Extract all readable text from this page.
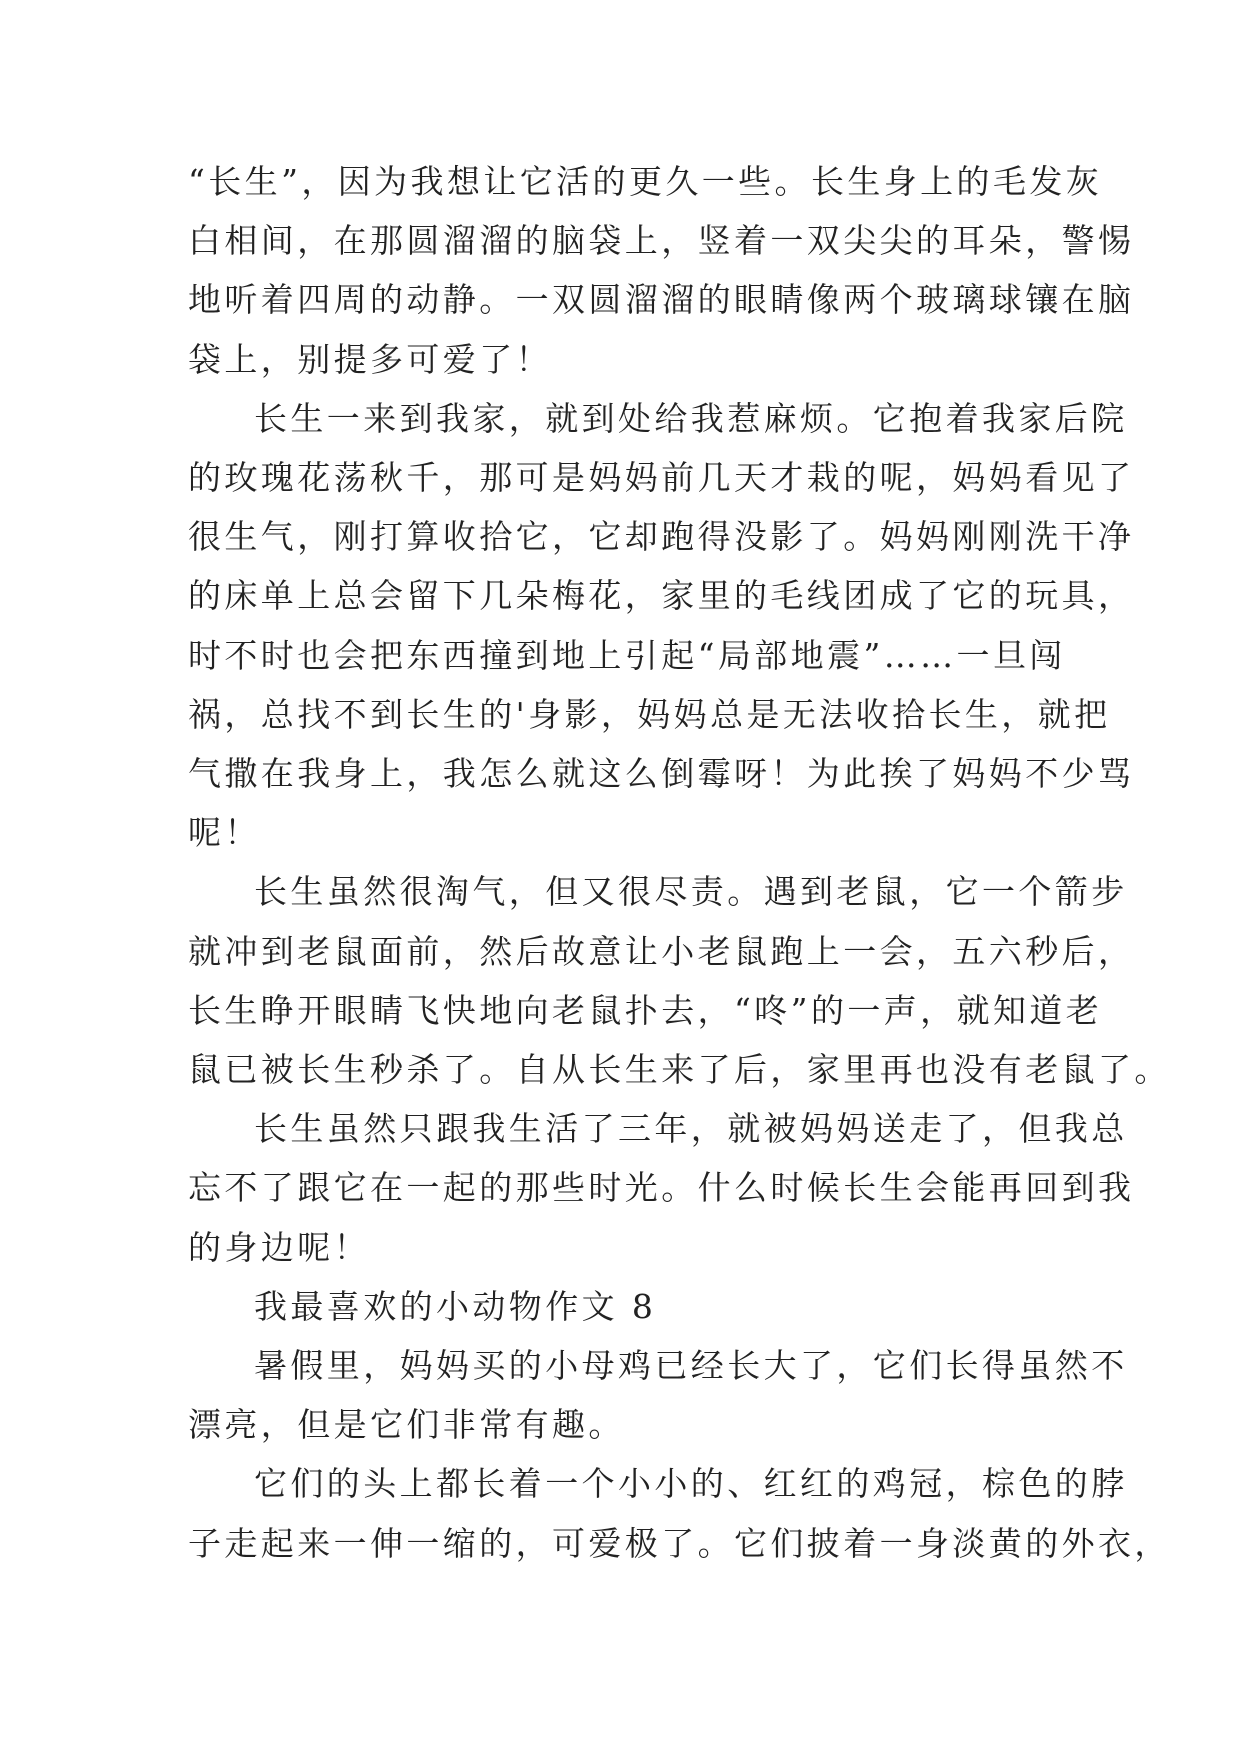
“长生”，因为我想让它活的更久一些。长生身上的毛发灰
白相间，在那圆溜溜的脑袋上，竖着一双尖尖的耳朵，警惕
地听着四周的动静。一双圆溜溜的眼睛像两个玻璃球镶在脑
袋上，别提多可爱了！

长生一来到我家，就到处给我惹麻烦。它抱着我家后院
的玫瑰花荡秋千，那可是妈妈前几天才栽的呢，妈妈看见了
很生气，刚打算收拾它，它却跑得没影了。妈妈刚刚洗干净
的床单上总会留下几朵梅花，家里的毛线团成了它的玩具，
时不时也会把东西撞到地上引起“局部地震”……一旦闯
祸，总找不到长生的'身影，妈妈总是无法收拾长生，就把
气撒在我身上，我怎么就这么倒霉呀！为此挨了妈妈不少骂
呢！

长生虽然很淘气，但又很尽责。遇到老鼠，它一个箭步
就冲到老鼠面前，然后故意让小老鼠跑上一会，五六秒后，
长生睁开眼睛飞快地向老鼠扑去，“咚”的一声，就知道老
鼠已被长生秒杀了。自从长生来了后，家里再也没有老鼠了。

长生虽然只跟我生活了三年，就被妈妈送走了，但我总
忘不了跟它在一起的那些时光。什么时候长生会能再回到我
的身边呢！

我最喜欢的小动物作文 8

暑假里，妈妈买的小母鸡已经长大了，它们长得虽然不
漂亮，但是它们非常有趣。

它们的头上都长着一个小小的、红红的鸡冠，棕色的脖
子走起来一伸一缩的，可爱极了。它们披着一身淡黄的外衣，
